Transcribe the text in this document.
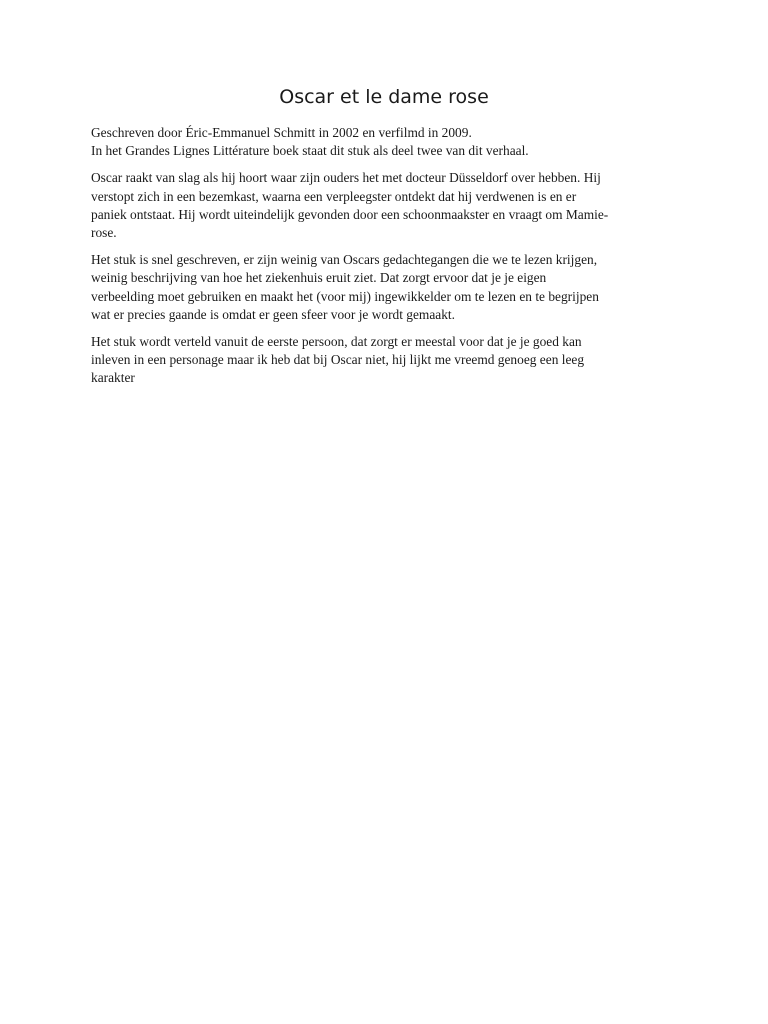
Oscar et le dame rose

Geschreven door Éric-Emmanuel Schmitt in 2002 en verfilmd in 2009.
In het Grandes Lignes Littérature boek staat dit stuk als deel twee van dit verhaal.

Oscar raakt van slag als hij hoort waar zijn ouders het met docteur Düsseldorf over hebben. Hij
verstopt zich in een bezemkast, waarna een verpleegster ontdekt dat hij verdwenen is en er
paniek ontstaat. Hij wordt uiteindelijk gevonden door een schoonmaakster en vraagt om Mamie-
rose.

Het stuk is snel geschreven, er zijn weinig van Oscars gedachtegangen die we te lezen krijgen,
weinig beschrijving van hoe het ziekenhuis eruit ziet. Dat zorgt ervoor dat je je eigen
verbeelding moet gebruiken en maakt het (voor mij) ingewikkelder om te lezen en te begrijpen
wat er precies gaande is omdat er geen sfeer voor je wordt gemaakt.

Het stuk wordt verteld vanuit de eerste persoon, dat zorgt er meestal voor dat je je goed kan
inleven in een personage maar ik heb dat bij Oscar niet, hij lijkt me vreemd genoeg een leeg
karakter
